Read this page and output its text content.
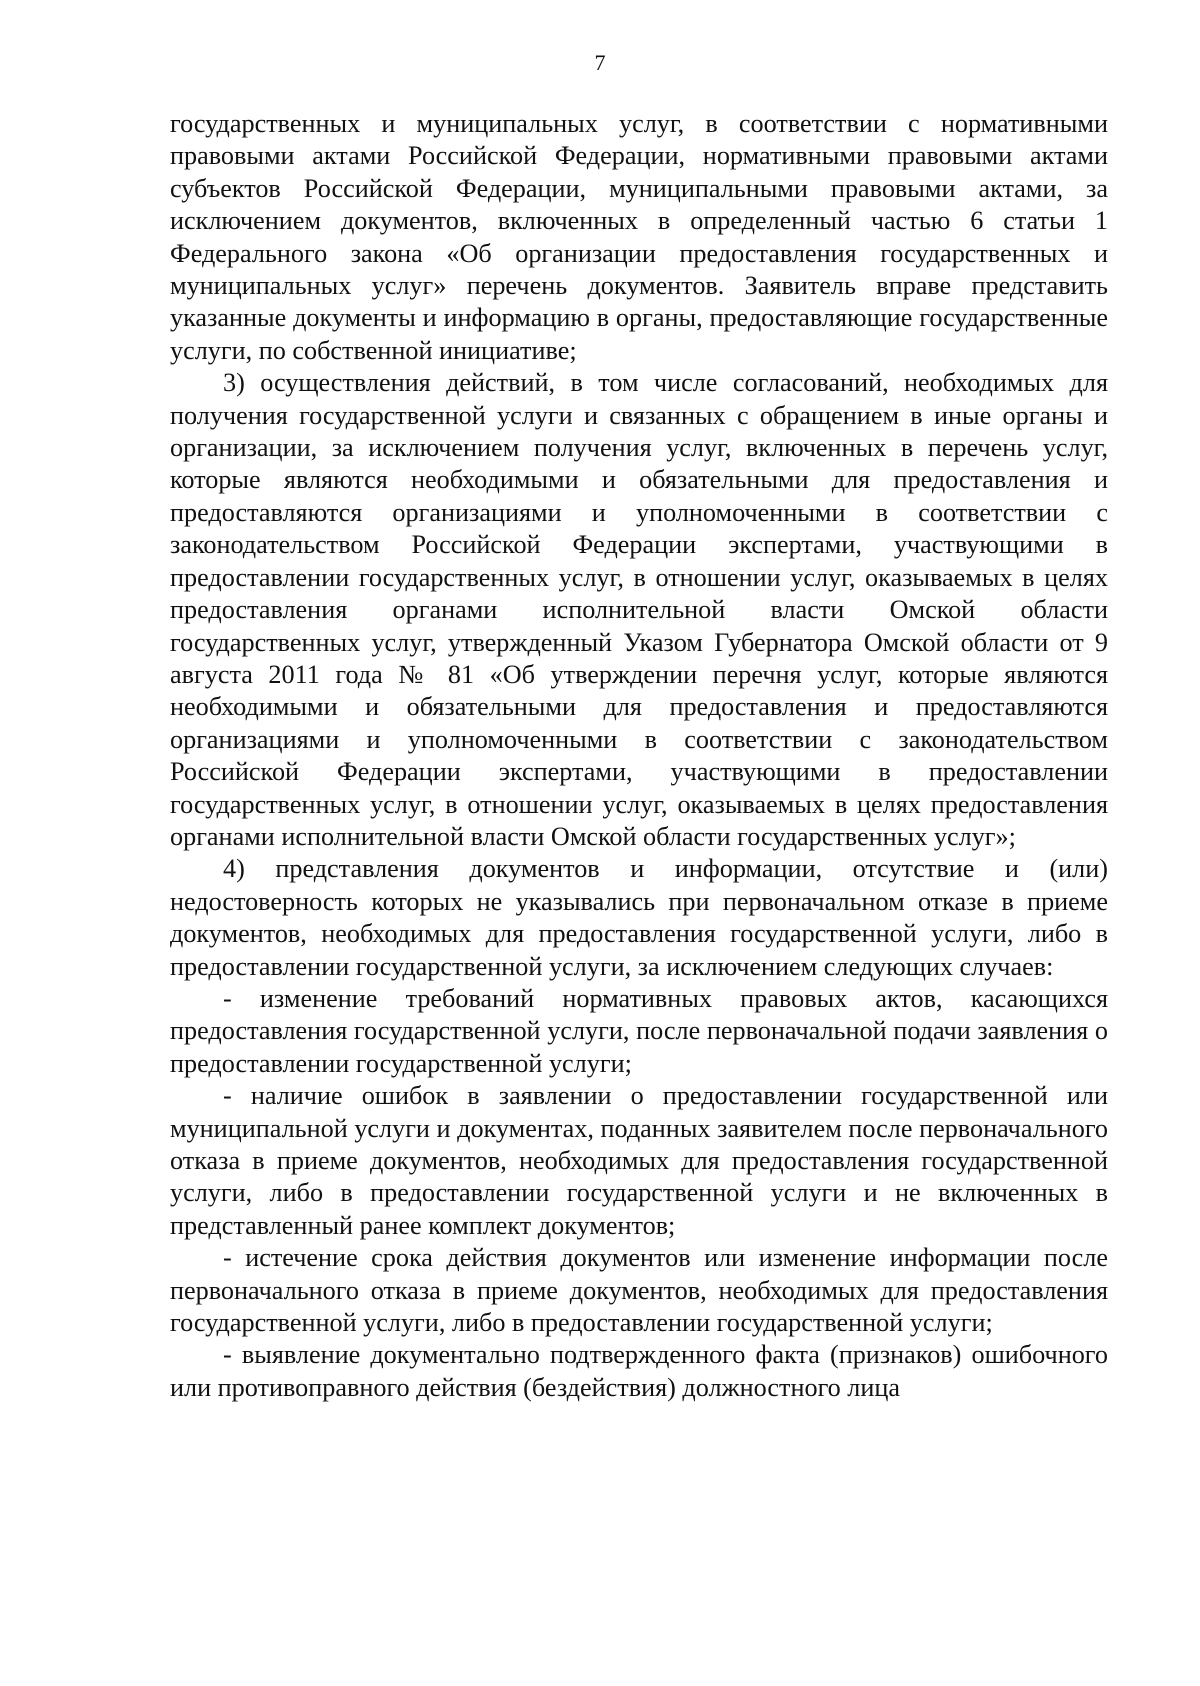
7

государственных и муниципальных услуг, в соответствии с нормативными правовыми актами Российской Федерации, нормативными правовыми актами субъектов Российской Федерации, муниципальными правовыми актами, за исключением документов, включенных в определенный частью 6 статьи 1 Федерального закона «Об организации предоставления государственных и муниципальных услуг» перечень документов. Заявитель вправе представить указанные документы и информацию в органы, предоставляющие государственные услуги, по собственной инициативе;

3) осуществления действий, в том числе согласований, необходимых для получения государственной услуги и связанных с обращением в иные органы и организации, за исключением получения услуг, включенных в перечень услуг, которые являются необходимыми и обязательными для предоставления и предоставляются организациями и уполномоченными в соответствии с законодательством Российской Федерации экспертами, участвующими в предоставлении государственных услуг, в отношении услуг, оказываемых в целях предоставления органами исполнительной власти Омской области государственных услуг, утвержденный Указом Губернатора Омской области от 9 августа 2011 года № 81 «Об утверждении перечня услуг, которые являются необходимыми и обязательными для предоставления и предоставляются организациями и уполномоченными в соответствии с законодательством Российской Федерации экспертами, участвующими в предоставлении государственных услуг, в отношении услуг, оказываемых в целях предоставления органами исполнительной власти Омской области государственных услуг»;

4) представления документов и информации, отсутствие и (или) недостоверность которых не указывались при первоначальном отказе в приеме документов, необходимых для предоставления государственной услуги, либо в предоставлении государственной услуги, за исключением следующих случаев:

- изменение требований нормативных правовых актов, касающихся предоставления государственной услуги, после первоначальной подачи заявления о предоставлении государственной услуги;

- наличие ошибок в заявлении о предоставлении государственной или муниципальной услуги и документах, поданных заявителем после первоначального отказа в приеме документов, необходимых для предоставления государственной услуги, либо в предоставлении государственной услуги и не включенных в представленный ранее комплект документов;

- истечение срока действия документов или изменение информации после первоначального отказа в приеме документов, необходимых для предоставления государственной услуги, либо в предоставлении государственной услуги;

- выявление документально подтвержденного факта (признаков) ошибочного или противоправного действия (бездействия) должностного лица
